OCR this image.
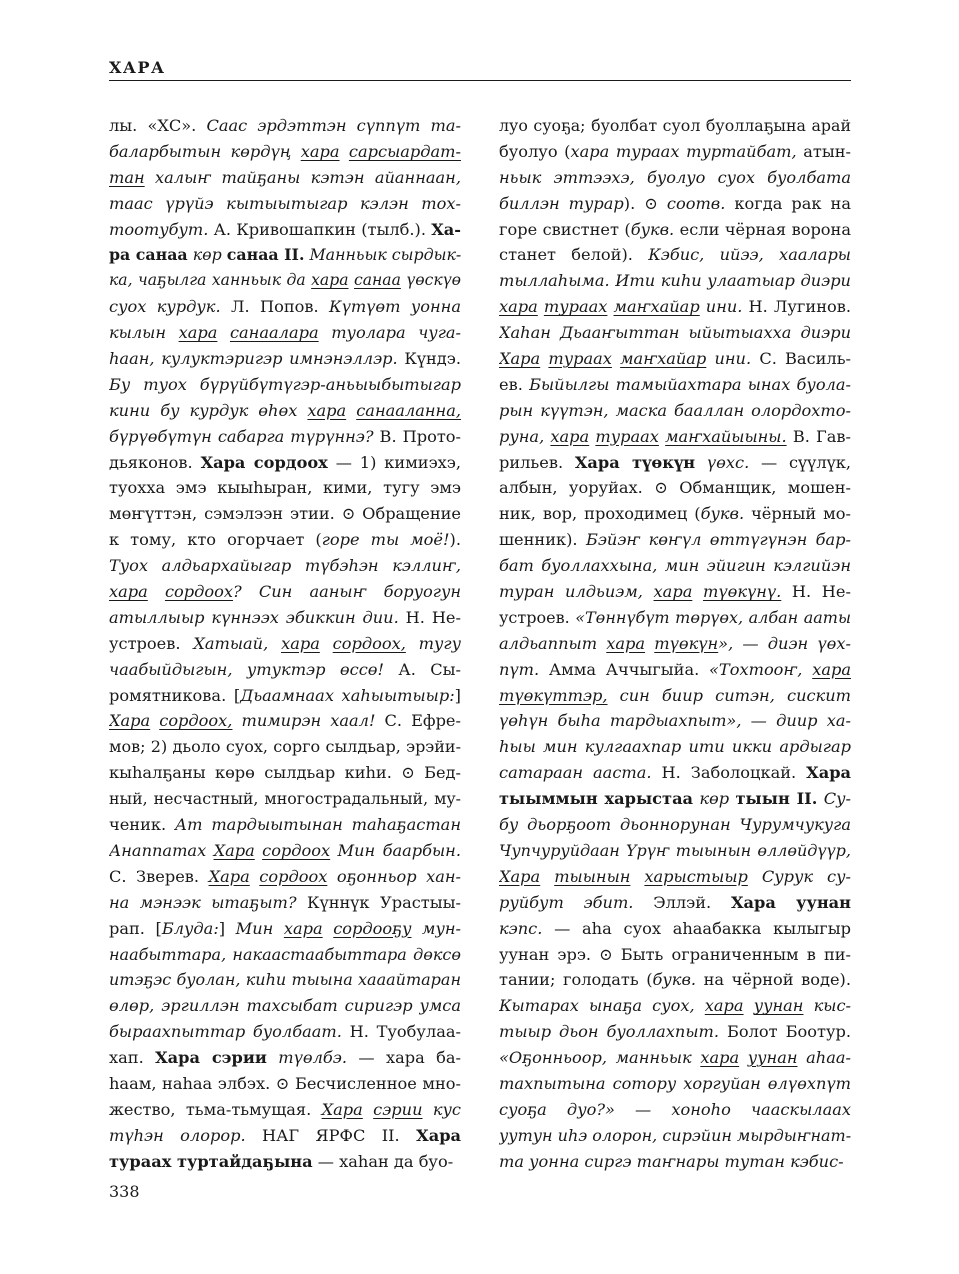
ХАРА
лы. «ХС». Саас эрдэттэн сүппүт та-
баларбытын көрдүң хара сарсыардат-
тан халыҥ тайҕаны кэтэн айаннаан,
таас үрүйэ кытыытыгар кэлэн тох-
тоотубут. А. Кривошапкин (тылб.). Ха-
ра санаа көр санаа II. Манньык сырдык-
ка, чаҕылга ханньык да хара санаа үөскүө
суох курдук. Л. Попов. Күтүөт уонна
кылын хара санаалара туолара чуга-
һаан, кулуктэригэр имнэнэллэр. Күндэ.
Бу туох бүрүйбүтүгэр-аньыыбытыгар
кини бу курдук өһөх хара санааланна,
бүрүөбүтүн сабарга түрүннэ? В. Прото-
дьяконов. Хара сордоох — 1) кимиэхэ,
туохха эмэ кыыһыран, кими, тугу эмэ
мөҥүттэн, сэмэлээн этии. ⊙ Обращение
к тому, кто огорчает (горе ты моё!).
Туох алдьархайыгар түбэһэн кэллиҥ,
хара сордоох? Син ааныҥ боруогун
атыллыыр күннээх эбиккин дии. Н. Не-
устроев. Хатыай, хара сордоох, тугу
чаабыйдыгын, утуктэр өссө! А. Сы-
ромятникова. [Дьаамнаах хаһыытыыр:]
Хара сордоох, тимирэн хаал! С. Ефре-
мов; 2) дьоло суох, сорго сылдьар, эрэйи-
кыһалҕаны көрө сылдьар киһи. ⊙ Бед-
ный, несчастный, многострадальный, му-
ченик. Ат тардыытынан таһаҕастан
Анаппатах Хара сордоох Мин баарбын.
С. Зверев. Хара сордоох оҕонньор хан-
на мэнээк ытаҕыт? Күннүк Урастыы-
рап. [Блуда:] Мин хара сордооҕу мун-
наабыттара, накаастаабыттара дөксө
итэҕэс буолан, киһи тыына хааайтаран
өлөр, эргиллэн тахсыбат сиригэр умса
быраахпыттар буолбаат. Н. Туобулаа-
хап. Хара сэрии түөлбэ. — хара ба-
һаам, наһаа элбэх. ⊙ Бесчисленное мно-
жество, тьма-тьмущая. Хара сэрии кус
түһэн олорор. НАГ ЯРФС II. Хара
тураах туртайдаҕына — хаһан да буо-
луо суоҕа; буолбат суол буоллаҕына арай
буолуо (хара тураах туртайбат, атын-
ньык эттээхэ, буолуо суох буолбата
биллэн турар). ⊙ соотв. когда рак на
горе свистнет (букв. если чёрная ворона
станет белой). Кэбис, ийээ, хаалары
тыллаһыма. Ити киһи улаатыар диэри
хара тураах маҥхайар ини. Н. Лугинов.
Хаһан Дьааҥыттан ыйытыахха диэри
Хара тураах маҥхайар ини. С. Василь-
ев. Быйылгы тамыйахтара ынах буола-
рын күүтэн, маска бааллан олордохто-
руна, хара тураах маҥхайыыны. В. Гав-
рильев. Хара түөкүн үөхс. — сүүлүк,
албын, уоруйах. ⊙ Обманщик, мошен-
ник, вор, проходимец (букв. чёрный мо-
шенник). Бэйэҥ көҥүл өттүгүнэн бар-
бат буоллаххына, мин эйигин кэлгийэн
туран илдьиэм, хара түөкүнү. Н. Не-
устроев. «Төннүбүт төрүөх, албан ааты
алдьаппыт хара түөкүн», — диэн үөх-
пүт. Амма Аччыгыйа. «Тохтооҥ, хара
түөкүттэр, син биир ситэн, сискит
үөһүн быһа тардыахпыт», — диир ха-
һыы мин кулгаахпар ити икки ардыгар
сатараан ааста. Н. Заболоцкай. Хара
тыыммын харыстаа көр тыын II. Су-
бу дьорҕоот дьоннорунан Чурумчукуга
Чупчуруйдаан Үрүҥ тыынын өллөйдүүр,
Хара тыынын харыстыыр Сурук су-
руйбут эбит. Эллэй. Хара уунан
кэпс. — аһа суох аһаабакка кылыгыр
уунан эрэ. ⊙ Быть ограниченным в пи-
тании; голодать (букв. на чёрной воде).
Кытарах ынаҕа суох, хара уунан кыс-
тыыр дьон буоллахпыт. Болот Боотур.
«Оҕонньоор, манньык хара уунан аһаа-
тахпытына сотору хоргуйан өлүөхпүт
суоҕа дуо?» — хоноһо чааскылаах
уутун иһэ олорон, сирэйин мырдыҥнат-
та уонна сиргэ таҥнары тутан кэбис-
338
